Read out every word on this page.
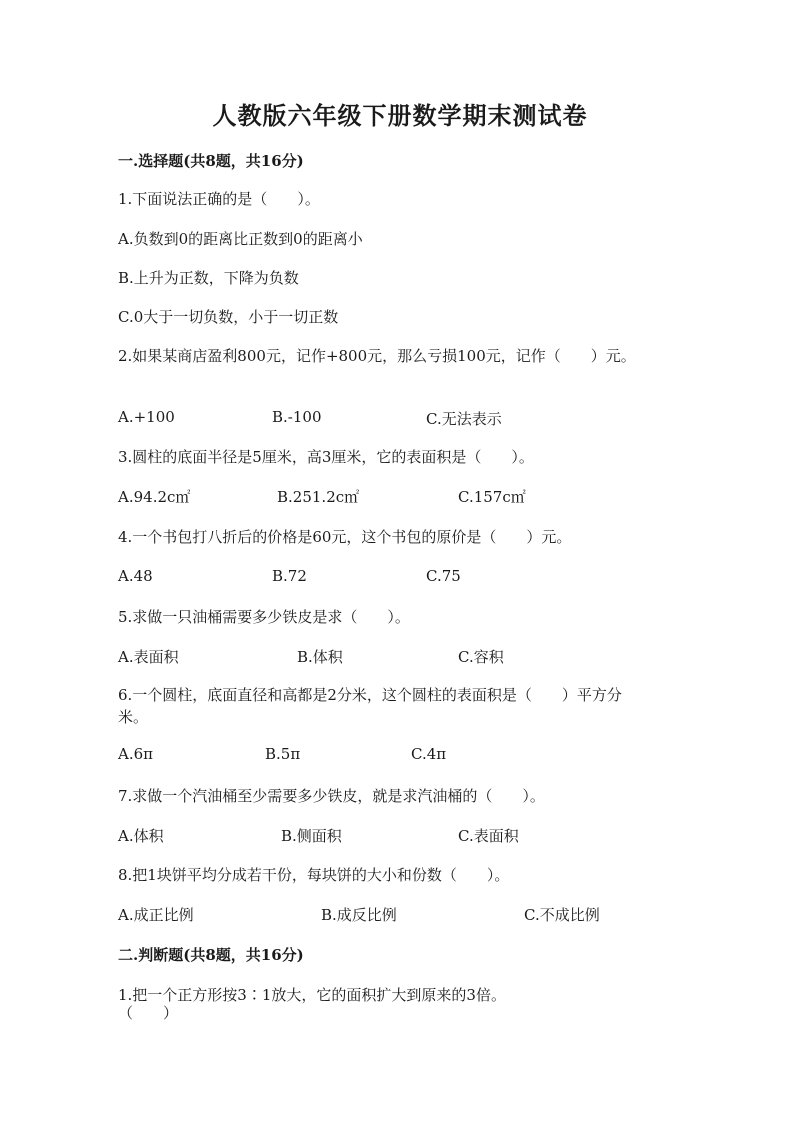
人教版六年级下册数学期末测试卷
一.选择题(共8题，共16分)
1.下面说法正确的是（　　）。
A.负数到0的距离比正数到0的距离小
B.上升为正数，下降为负数
C.0大于一切负数，小于一切正数
2.如果某商店盈利800元，记作+800元，那么亏损100元，记作（　　）元。
A.+100	B.-100	C.无法表示
3.圆柱的底面半径是5厘米，高3厘米，它的表面积是（　　）。
A.94.2c㎡	B.251.2c㎡	C.157c㎡
4.一个书包打八折后的价格是60元，这个书包的原价是（　　）元。
A.48	B.72	C.75
5.求做一只油桶需要多少铁皮是求（　　）。
A.表面积	B.体积	C.容积
6.一个圆柱，底面直径和高都是2分米，这个圆柱的表面积是（　　）平方分
米。
A.6π	B.5π	C.4π
7.求做一个汽油桶至少需要多少铁皮，就是求汽油桶的（　　）。
A.体积	B.侧面积	C.表面积
8.把1块饼平均分成若干份，每块饼的大小和份数（　　）。
A.成正比例	B.成反比例	C.不成比例
二.判断题(共8题，共16分)
1.把一个正方形按3∶1放大，它的面积扩大到原来的3倍。
（　　）
